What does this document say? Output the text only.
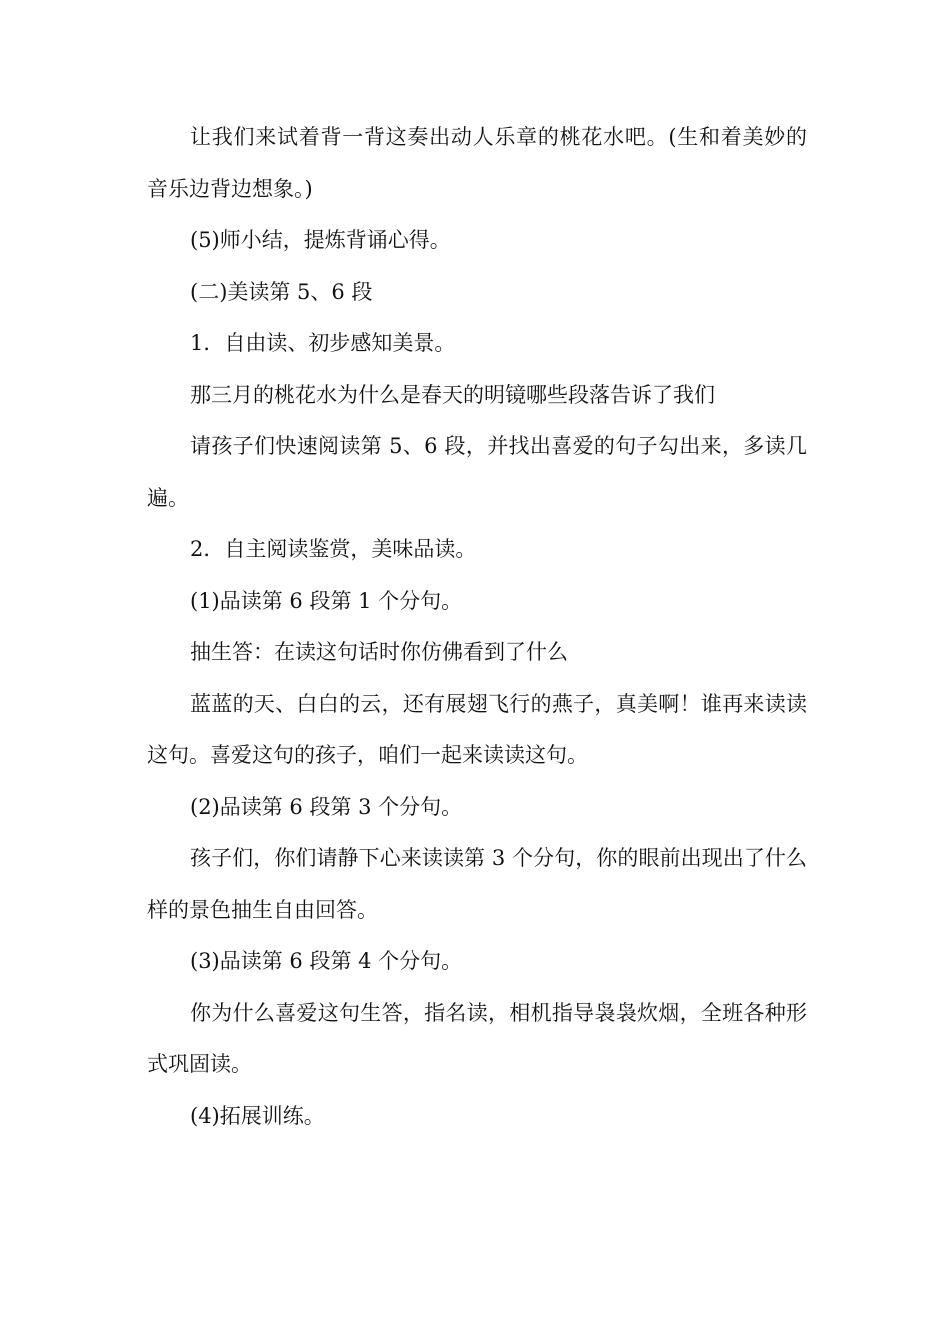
让我们来试着背一背这奏出动人乐章的桃花水吧。(生和着美妙的音乐边背边想象。)

(5)师小结，提炼背诵心得。

(二)美读第 5、6 段

1．自由读、初步感知美景。

那三月的桃花水为什么是春天的明镜哪些段落告诉了我们

请孩子们快速阅读第 5、6 段，并找出喜爱的句子勾出来，多读几遍。

2．自主阅读鉴赏，美味品读。

(1)品读第 6 段第 1 个分句。

抽生答：在读这句话时你仿佛看到了什么

蓝蓝的天、白白的云，还有展翅飞行的燕子，真美啊！谁再来读读这句。喜爱这句的孩子，咱们一起来读读这句。

(2)品读第 6 段第 3 个分句。

孩子们，你们请静下心来读读第 3 个分句，你的眼前出现出了什么样的景色抽生自由回答。

(3)品读第 6 段第 4 个分句。

你为什么喜爱这句生答，指名读，相机指导袅袅炊烟，全班各种形式巩固读。

(4)拓展训练。
